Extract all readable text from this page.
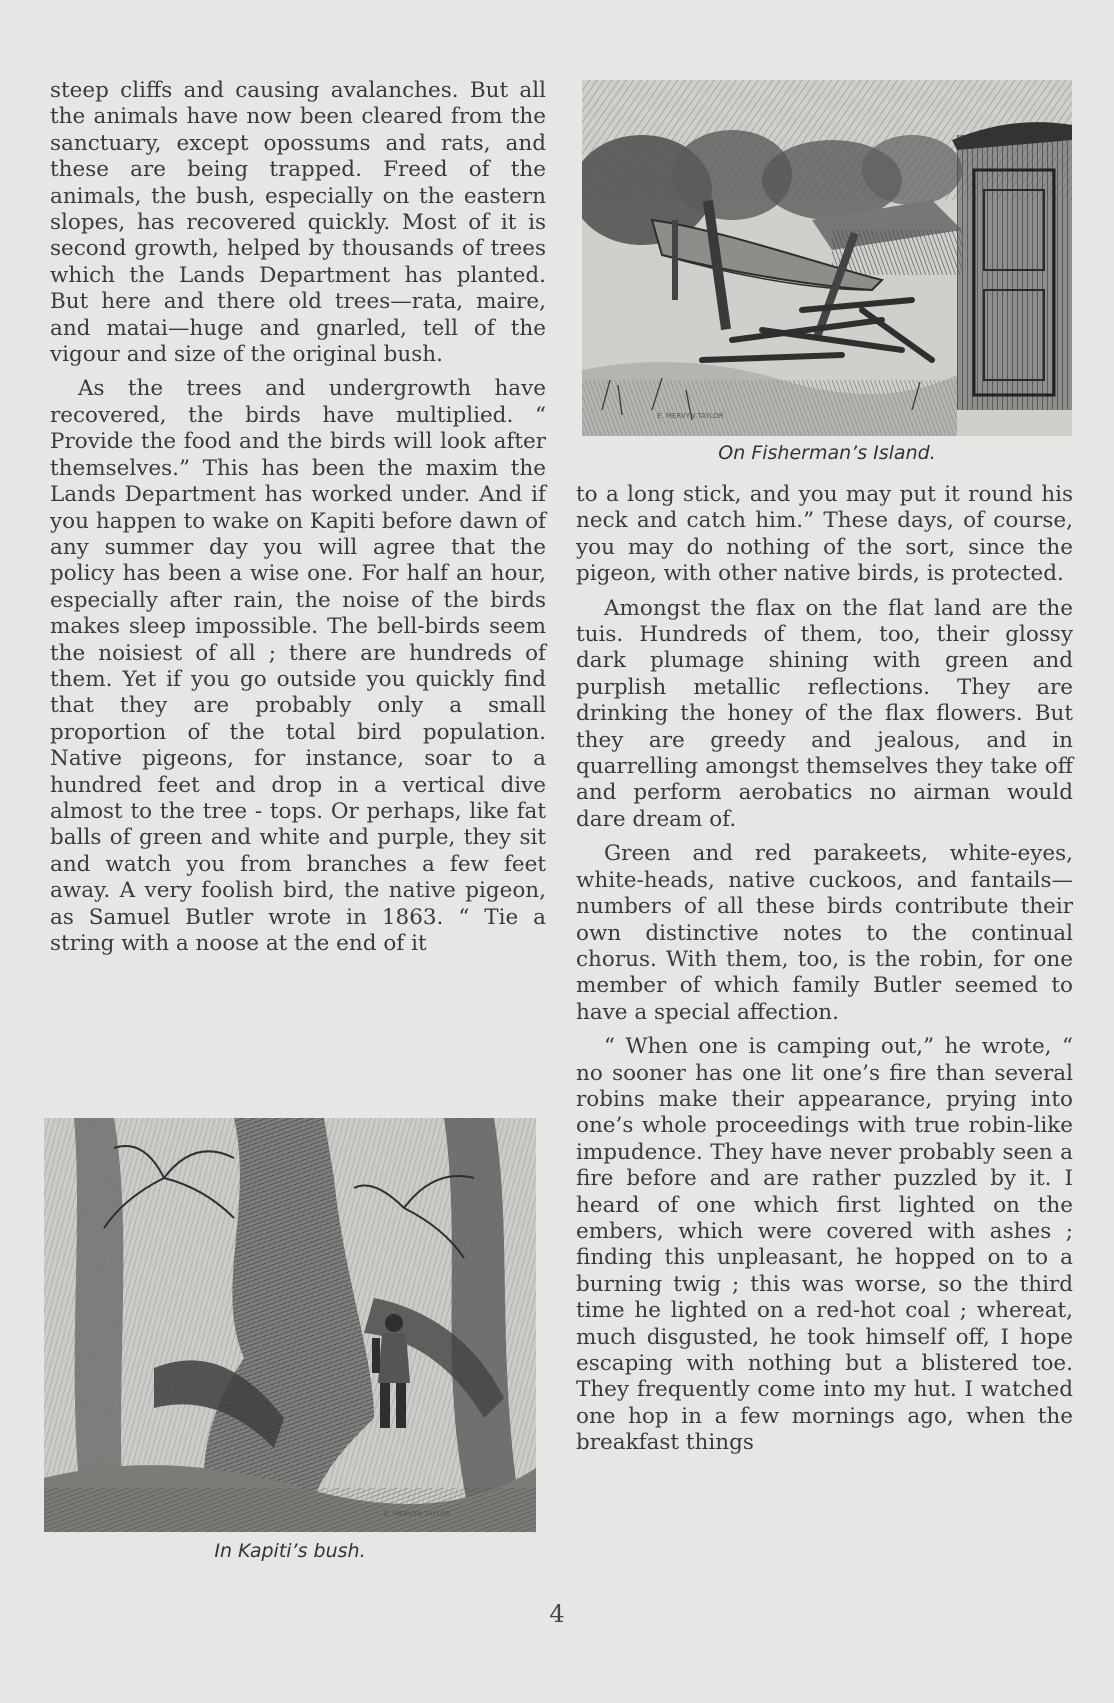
steep cliffs and causing avalanches. But all the animals have now been cleared from the sanctuary, except opossums and rats, and these are being trapped. Freed of the animals, the bush, especially on the eastern slopes, has recovered quickly. Most of it is second growth, helped by thousands of trees which the Lands Department has planted. But here and there old trees—rata, maire, and matai—huge and gnarled, tell of the vigour and size of the original bush.

As the trees and undergrowth have recovered, the birds have multiplied. “ Provide the food and the birds will look after themselves.” This has been the maxim the Lands Department has worked under. And if you happen to wake on Kapiti before dawn of any summer day you will agree that the policy has been a wise one. For half an hour, especially after rain, the noise of the birds makes sleep impossible. The bell-birds seem the noisiest of all ; there are hundreds of them. Yet if you go outside you quickly find that they are probably only a small proportion of the total bird population. Native pigeons, for instance, soar to a hundred feet and drop in a vertical dive almost to the tree - tops. Or perhaps, like fat balls of green and white and purple, they sit and watch you from branches a few feet away. A very foolish bird, the native pigeon, as Samuel Butler wrote in 1863. “ Tie a string with a noose at the end of it

E. MERVYN TAYLOR
On Fisherman’s Island.

to a long stick, and you may put it round his neck and catch him.” These days, of course, you may do nothing of the sort, since the pigeon, with other native birds, is protected.

Amongst the flax on the flat land are the tuis. Hundreds of them, too, their glossy dark plumage shining with green and purplish metallic reflections. They are drinking the honey of the flax flowers. But they are greedy and jealous, and in quarrelling amongst themselves they take off and perform aerobatics no airman would dare dream of.

Green and red parakeets, white-eyes, white-heads, native cuckoos, and fantails—numbers of all these birds contribute their own distinctive notes to the continual chorus. With them, too, is the robin, for one member of which family Butler seemed to have a special affection.

“ When one is camping out,” he wrote, “ no sooner has one lit one’s fire than several robins make their appearance, prying into one’s whole proceedings with true robin-like impudence. They have never probably seen a fire before and are rather puzzled by it. I heard of one which first lighted on the embers, which were covered with ashes ; finding this unpleasant, he hopped on to a burning twig ; this was worse, so the third time he lighted on a red-hot coal ; whereat, much disgusted, he took himself off, I hope escaping with nothing but a blistered toe. They frequently come into my hut. I watched one hop in a few mornings ago, when the breakfast things

E. MERVYN TAYLOR
In Kapiti’s bush.
4
